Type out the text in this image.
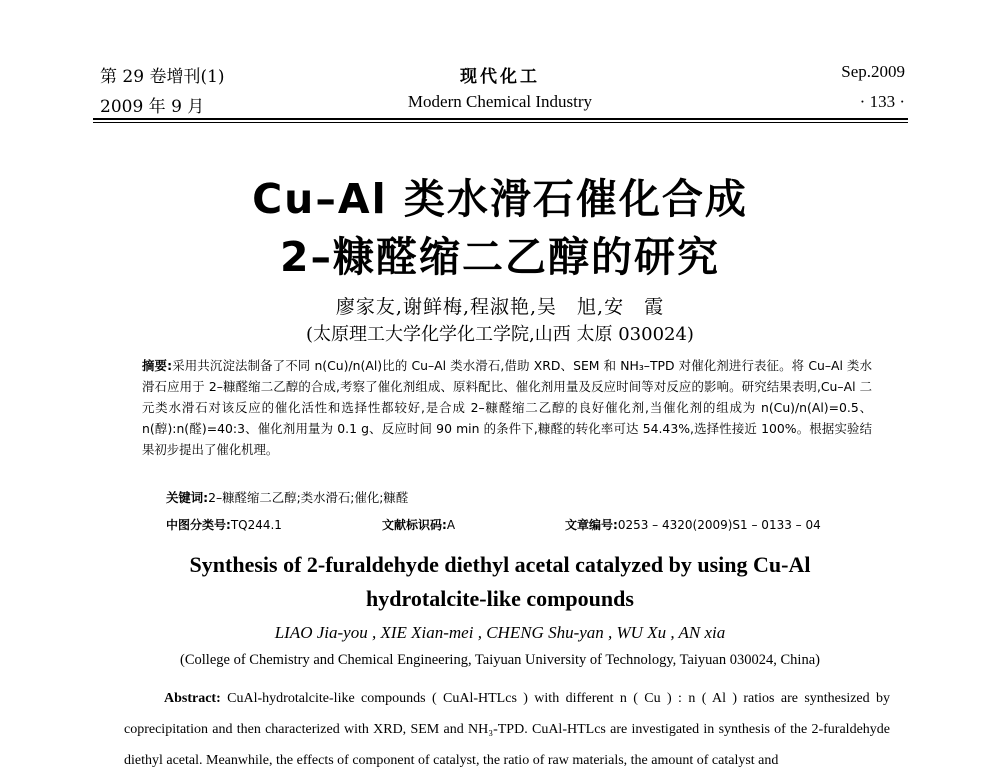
第 29 卷增刊(1)
2009 年 9 月
现代化工
Modern Chemical Industry
Sep.2009
· 133 ·
Cu–Al 类水滑石催化合成
2–糠醛缩二乙醇的研究
廖家友,谢鲜梅,程淑艳,吴　旭,安　霞
(太原理工大学化学化工学院,山西 太原 030024)
摘要:采用共沉淀法制备了不同 n(Cu)/n(Al)比的 Cu–Al 类水滑石,借助 XRD、SEM 和 NH₃–TPD 对催化剂进行表征。将 Cu–Al 类水滑石应用于 2–糠醛缩二乙醇的合成,考察了催化剂组成、原料配比、催化剂用量及反应时间等对反应的影响。研究结果表明,Cu–Al 二元类水滑石对该反应的催化活性和选择性都较好,是合成 2–糠醛缩二乙醇的良好催化剂,当催化剂的组成为 n(Cu)/n(Al)=0.5、n(醇):n(醛)=40:3、催化剂用量为 0.1 g、反应时间 90 min 的条件下,糠醛的转化率可达 54.43%,选择性接近 100%。根据实验结果初步提出了催化机理。
关键词:2–糠醛缩二乙醇;类水滑石;催化;糠醛
中图分类号:TQ244.1	文献标识码:A	文章编号:0253 – 4320(2009)S1 – 0133 – 04
Synthesis of 2-furaldehyde diethyl acetal catalyzed by using Cu-Al
hydrotalcite-like compounds
LIAO Jia-you , XIE Xian-mei , CHENG Shu-yan , WU Xu , AN xia
(College of Chemistry and Chemical Engineering, Taiyuan University of Technology, Taiyuan 030024, China)
Abstract: CuAl-hydrotalcite-like compounds ( CuAl-HTLcs ) with different n ( Cu ) : n ( Al ) ratios are synthesized by coprecipitation and then characterized with XRD, SEM and NH₃-TPD. CuAl-HTLcs are investigated in synthesis of the 2-furaldehyde diethyl acetal. Meanwhile, the effects of component of catalyst, the ratio of raw materials, the amount of catalyst and
